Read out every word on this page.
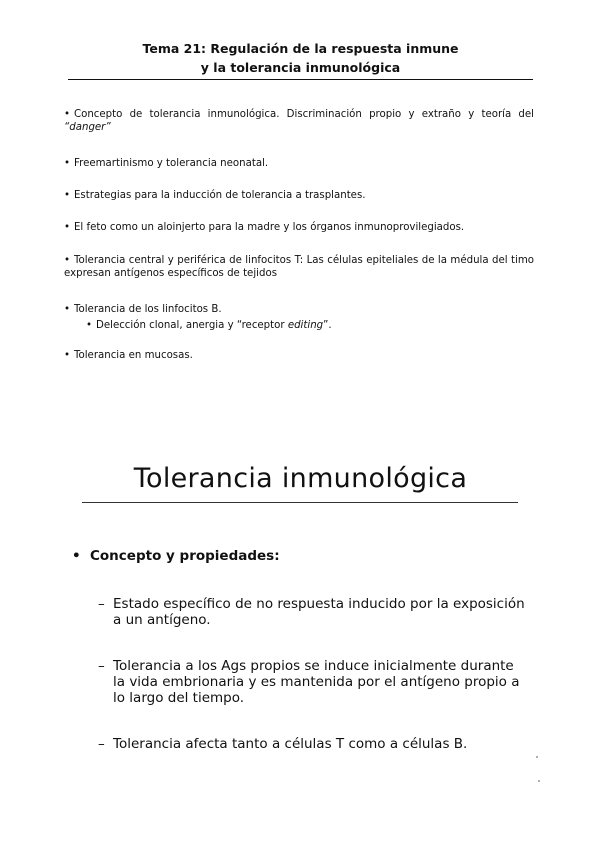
Tema 21: Regulación de la respuesta inmune
y la tolerancia inmunológica
• Concepto de tolerancia inmunológica. Discriminación propio y extraño y teoría del “danger”
• Freemartinismo y tolerancia neonatal.
• Estrategias para la inducción de tolerancia a trasplantes.
• El feto como un aloinjerto para la madre y los órganos inmunoprovilegiados.
• Tolerancia central y periférica de linfocitos T: Las células epiteliales de la médula del timo expresan antígenos específicos de tejidos
• Tolerancia de los linfocitos B.
• Delección clonal, anergia y “receptor editing”.
• Tolerancia en mucosas.
Tolerancia inmunológica
• Concepto y propiedades:
– Estado específico de no respuesta inducido por la exposición a un antígeno.
– Tolerancia a los Ags propios se induce inicialmente durante la vida embrionaria y es mantenida por el antígeno propio a lo largo del tiempo.
– Tolerancia afecta tanto a células T como a células B.
